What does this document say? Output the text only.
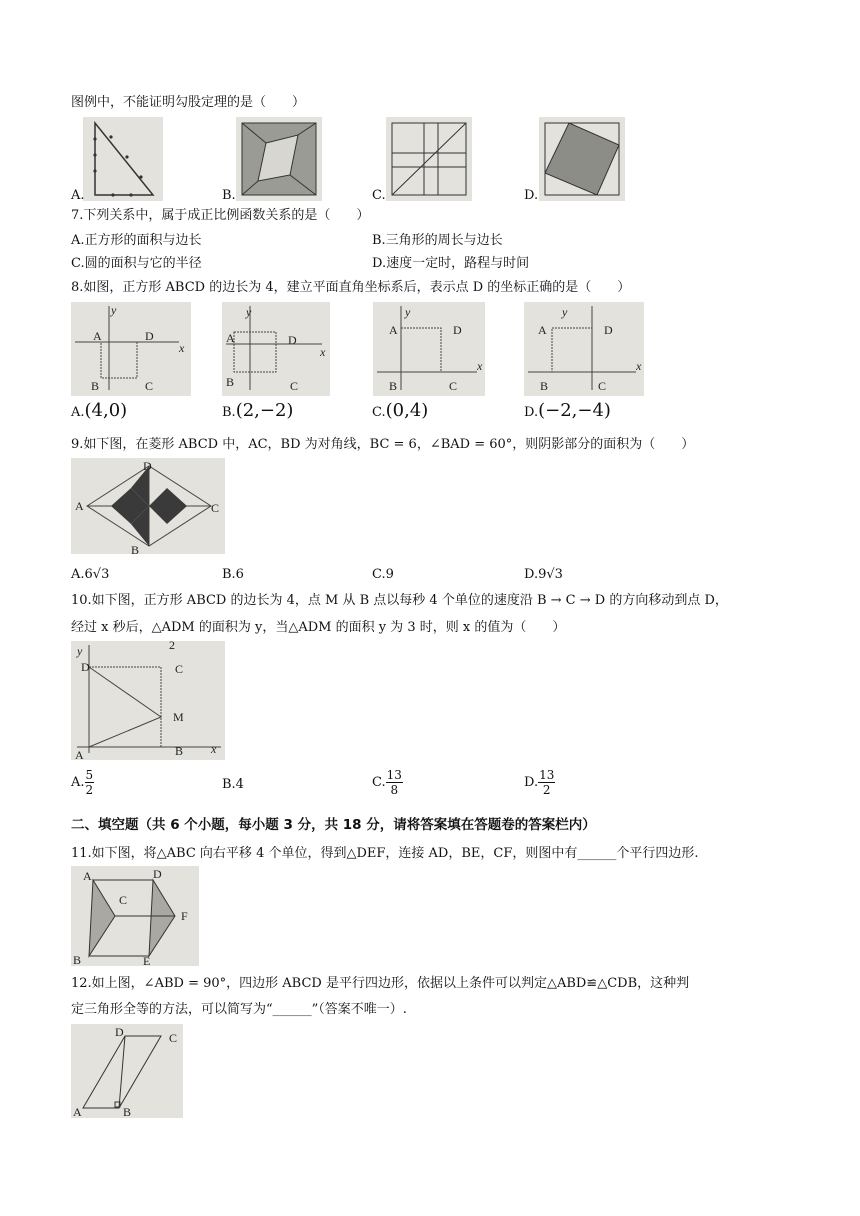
图例中，不能证明勾股定理的是（　　）
A.	B.	C.	D.
7.下列关系中，属于成正比例函数关系的是（　　）
A.正方形的面积与边长	B.三角形的周长与边长
C.圆的面积与它的半径	D.速度一定时，路程与时间
8.如图，正方形 ABCD 的边长为 4，建立平面直角坐标系后，表示点 D 的坐标正确的是（　　）
y
A	D
x
B	C
y
A	D
x
B	C
y
A	D
x
B	C
y
A	D
x
B	C
A.(4,0)	B.(2,−2)	C.(0,4)	D.(−2,−4)
9.如下图，在菱形 ABCD 中，AC，BD 为对角线，BC = 6，∠BAD = 60°，则阴影部分的面积为（　　）
D
A	C
B
A.6√3	B.6	C.9	D.9√3
10.如下图，正方形 ABCD 的边长为 4，点 M 从 B 点以每秒 4 个单位的速度沿 B → C → D 的方向移动到点 D，
经过 x 秒后，△ADM 的面积为 y，当△ADM 的面积 y 为 3 时，则 x 的值为（　　）
y	2
D	C
M
A	B x
A. $\frac{5}{2}$	B.4	C. $\frac{13}{8}$	D. $\frac{13}{2}$
二、填空题（共 6 个小题，每小题 3 分，共 18 分，请将答案填在答题卷的答案栏内）
11.如下图，将△ABC 向右平移 4 个单位，得到△DEF，连接 AD，BE，CF，则图中有______个平行四边形.
A
C
B
D
F
E
12.如上图，∠ABD = 90°，四边形 ABCD 是平行四边形，依据以上条件可以判定△ABD≌△CDB，这种判
定三角形全等的方法，可以简写为“______”（答案不唯一）.
D	C
A	B
